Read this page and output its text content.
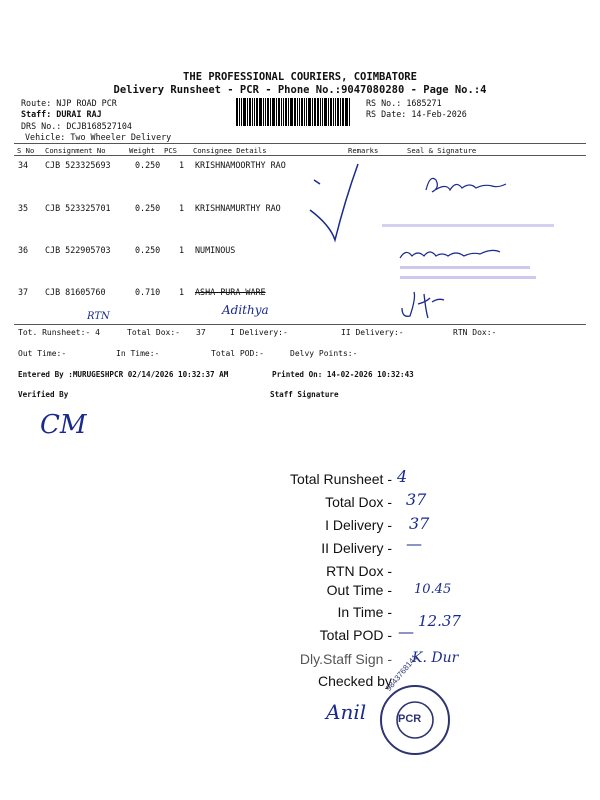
THE PROFESSIONAL COURIERS, COIMBATORE
Delivery Runsheet - PCR - Phone No.:9047080280 - Page No.:4
Route: NJP ROAD PCR
Staff: DURAI RAJ
DRS No.: DCJB168527104
Vehicle: Two Wheeler Delivery
RS No.: 1685271
RS Date: 14-Feb-2026
S No Consignment No	Weight PCS Consignee Details	Remarks	Seal & Signature
34 CJB 523325693	0.250 1 KRISHNAMOORTHY RAO
35 CJB 523325701	0.250 1 KRISHNAMURTHY RAO
36 CJB 522905703	0.250 1 NUMINOUS
37 CJB 81605760	0.710 1 ASHA PURA WARE
Adithya
RTN
Tot. Runsheet:- 4	Total Dox:- 37	I Delivery:-	II Delivery:-	RTN Dox:-
Out Time:-	In Time:-	Total POD:-	Delvy Points:-
Entered By :MURUGESHPCR 02/14/2026 10:32:37 AM	Printed On: 14-02-2026 10:32:43
Verified By	Staff Signature
CM
Total Runsheet - 4
Total Dox - 37
I Delivery - 37
II Delivery - —
RTN Dox -
Out Time - 10.45
In Time - 12.37
Total POD - —
Dly.Staff Sign - K. Dur
Checked by
PCR
9843768141
Anil
